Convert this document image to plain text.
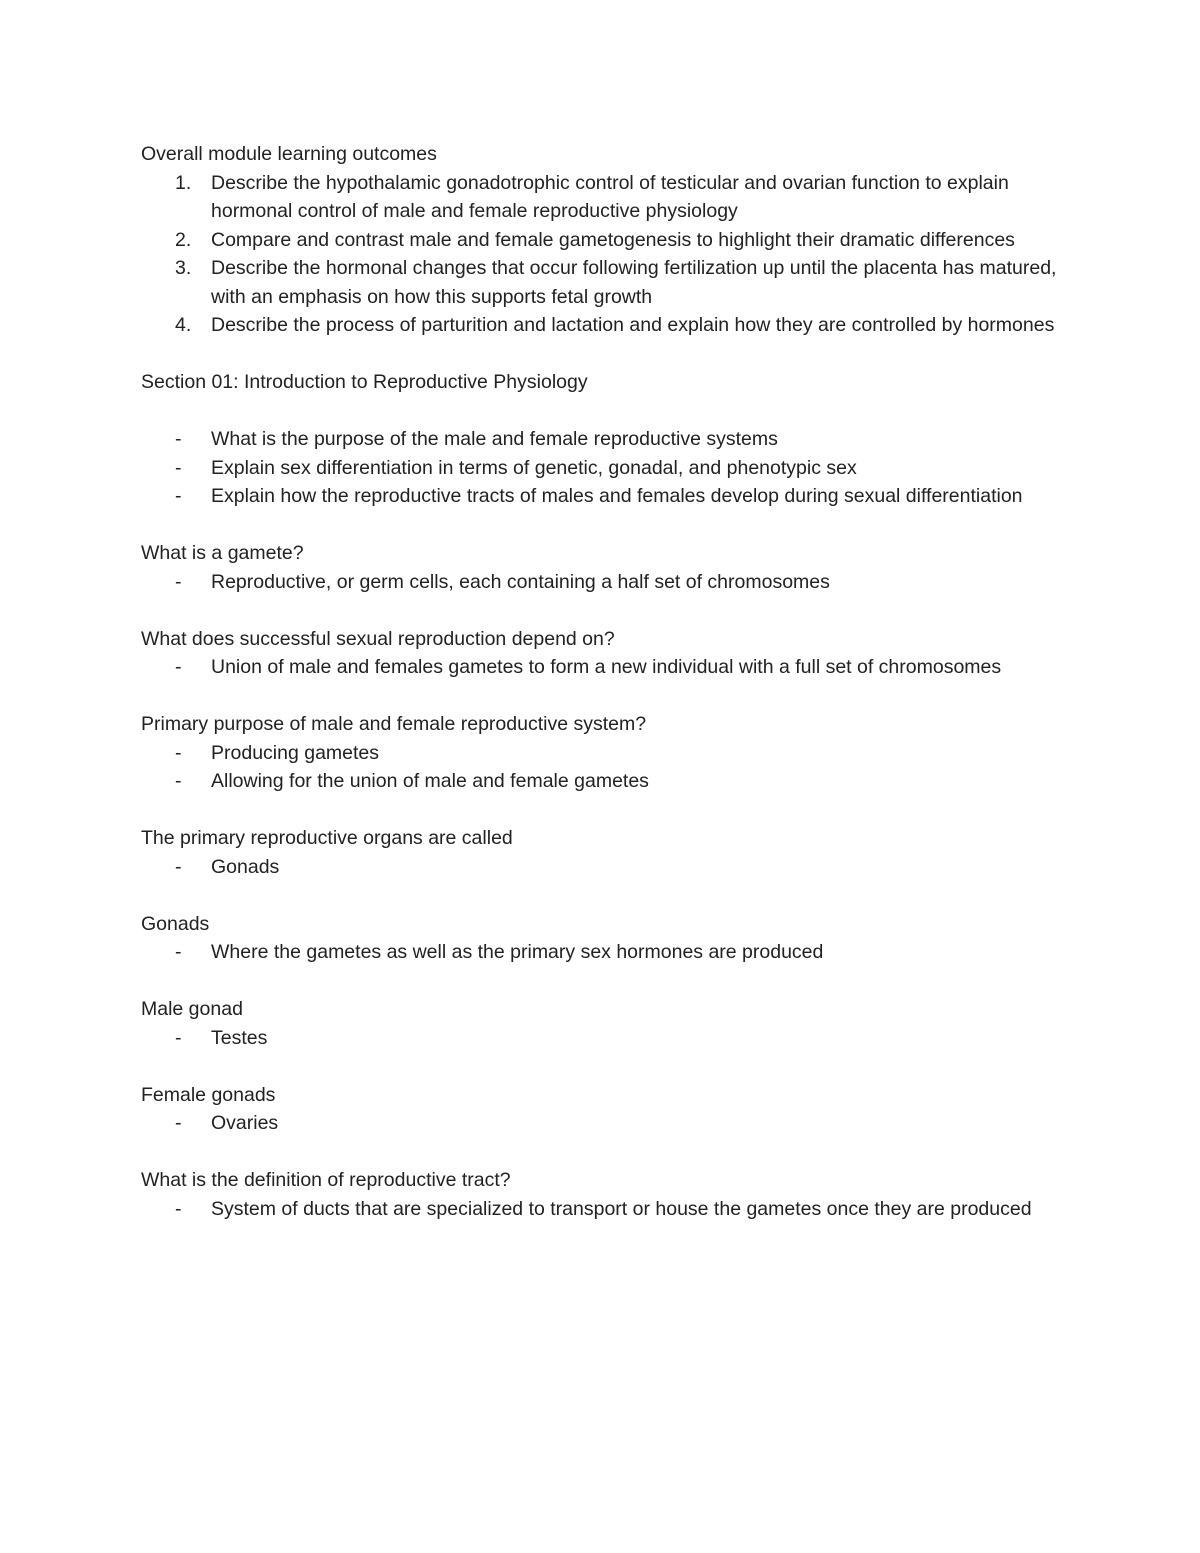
Overall module learning outcomes

1.	Describe the hypothalamic gonadotrophic control of testicular and ovarian function to explain hormonal control of male and female reproductive physiology
2.	Compare and contrast male and female gametogenesis to highlight their dramatic differences
3.	Describe the hormonal changes that occur following fertilization up until the placenta has matured, with an emphasis on how this supports fetal growth
4.	Describe the process of parturition and lactation and explain how they are controlled by hormones

Section 01: Introduction to Reproductive Physiology

-	What is the purpose of the male and female reproductive systems
-	Explain sex differentiation in terms of genetic, gonadal, and phenotypic sex
-	Explain how the reproductive tracts of males and females develop during sexual differentiation

What is a gamete?

-	Reproductive, or germ cells, each containing a half set of chromosomes

What does successful sexual reproduction depend on?

-	Union of male and females gametes to form a new individual with a full set of chromosomes

Primary purpose of male and female reproductive system?

-	Producing gametes
-	Allowing for the union of male and female gametes

The primary reproductive organs are called

-	Gonads

Gonads

-	Where the gametes as well as the primary sex hormones are produced

Male gonad

-	Testes

Female gonads

-	Ovaries

What is the definition of reproductive tract?

-	System of ducts that are specialized to transport or house the gametes once they are produced
